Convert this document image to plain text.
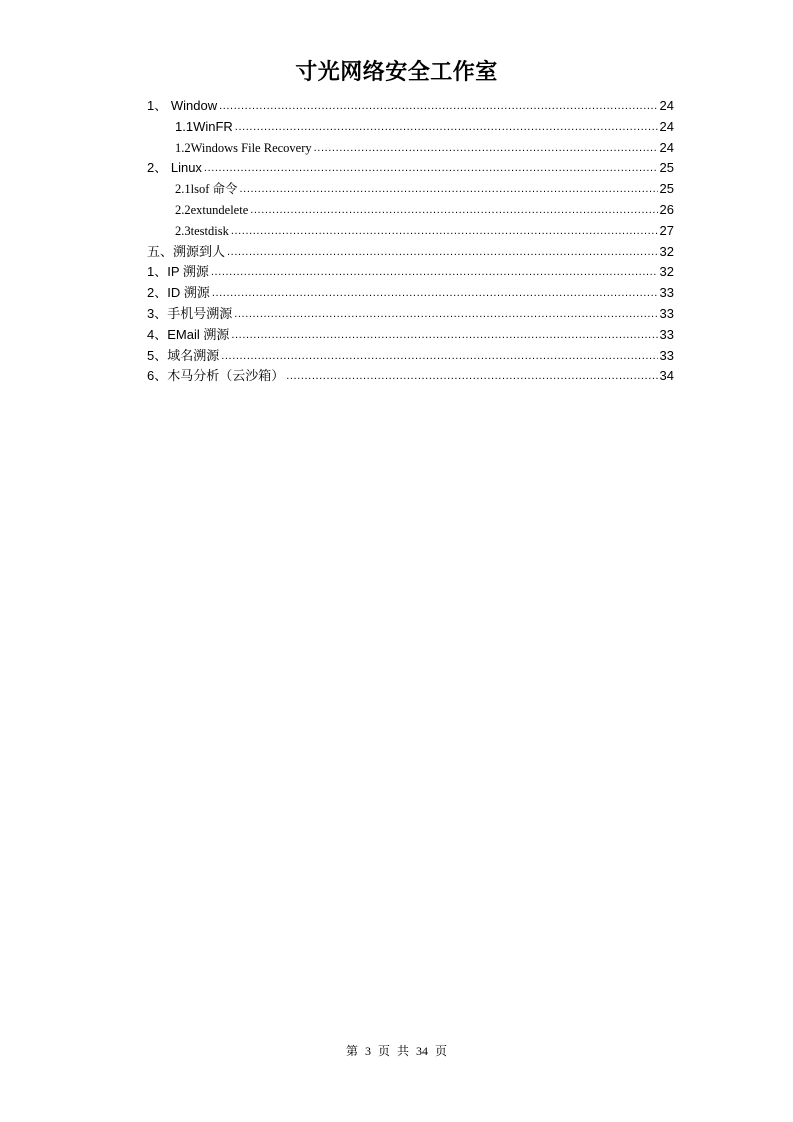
寸光网络安全工作室
1、 Window .....	24
1.1WinFR .....	24
1.2Windows File Recovery .....	24
2、 Linux .....	25
2.1lsof 命令 .....	25
2.2extundelete .....	26
2.3testdisk .....	27
五、溯源到人 .....	32
1、IP 溯源 .....	32
2、ID 溯源 .....	33
3、手机号溯源 .....	33
4、EMail 溯源 .....	33
5、域名溯源 .....	33
6、木马分析（云沙箱） .....	34
第 3 页 共 34 页
